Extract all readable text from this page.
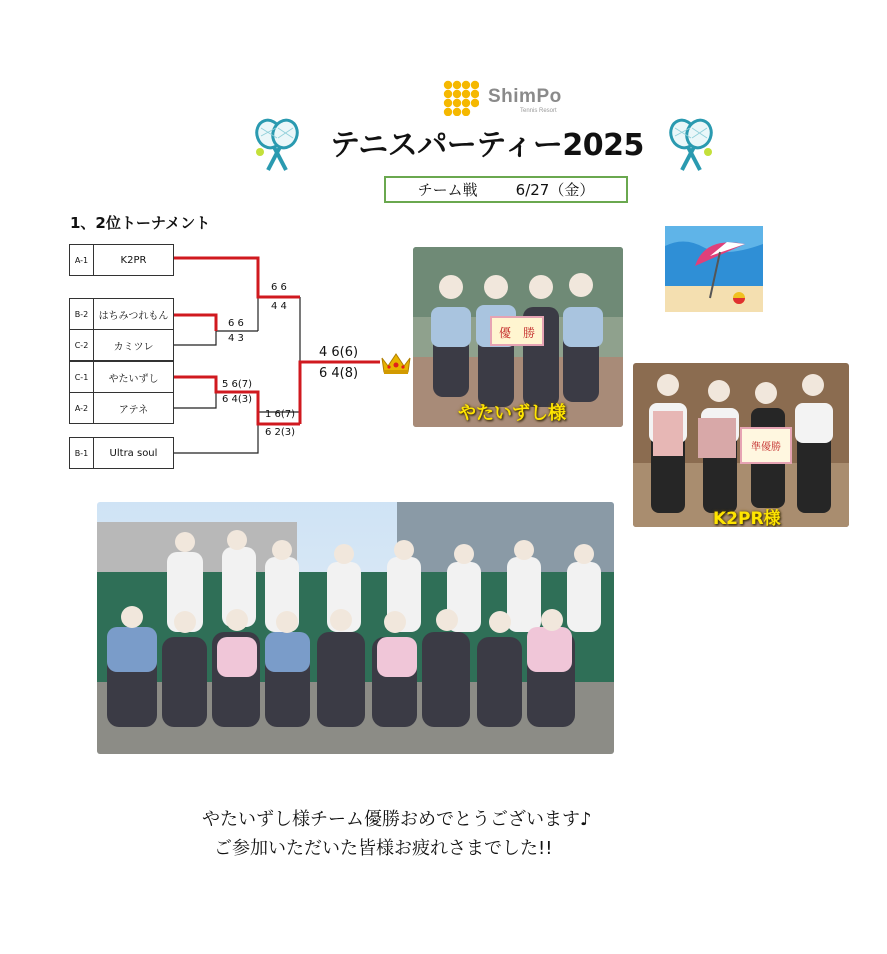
ShimPo
Tennis Resort
テニスパーティー2025
チーム戦	6/27（金）
1、2位トーナメント
A-1	K2PR
B-2	はちみつれもん
C-2	カミツレ
C-1	やたいずし
A-2	アテネ
B-1	Ultra soul
6 6
4 3
5 6(7)
6 4(3)
6 6
4 4
1 6(7)
6 2(3)
4 6(6)
6 4(8)
優　勝
やたいずし様
準優勝
K2PR様
やたいずし様チーム優勝おめでとうございます♪
ご参加いただいた皆様お疲れさまでした!!
